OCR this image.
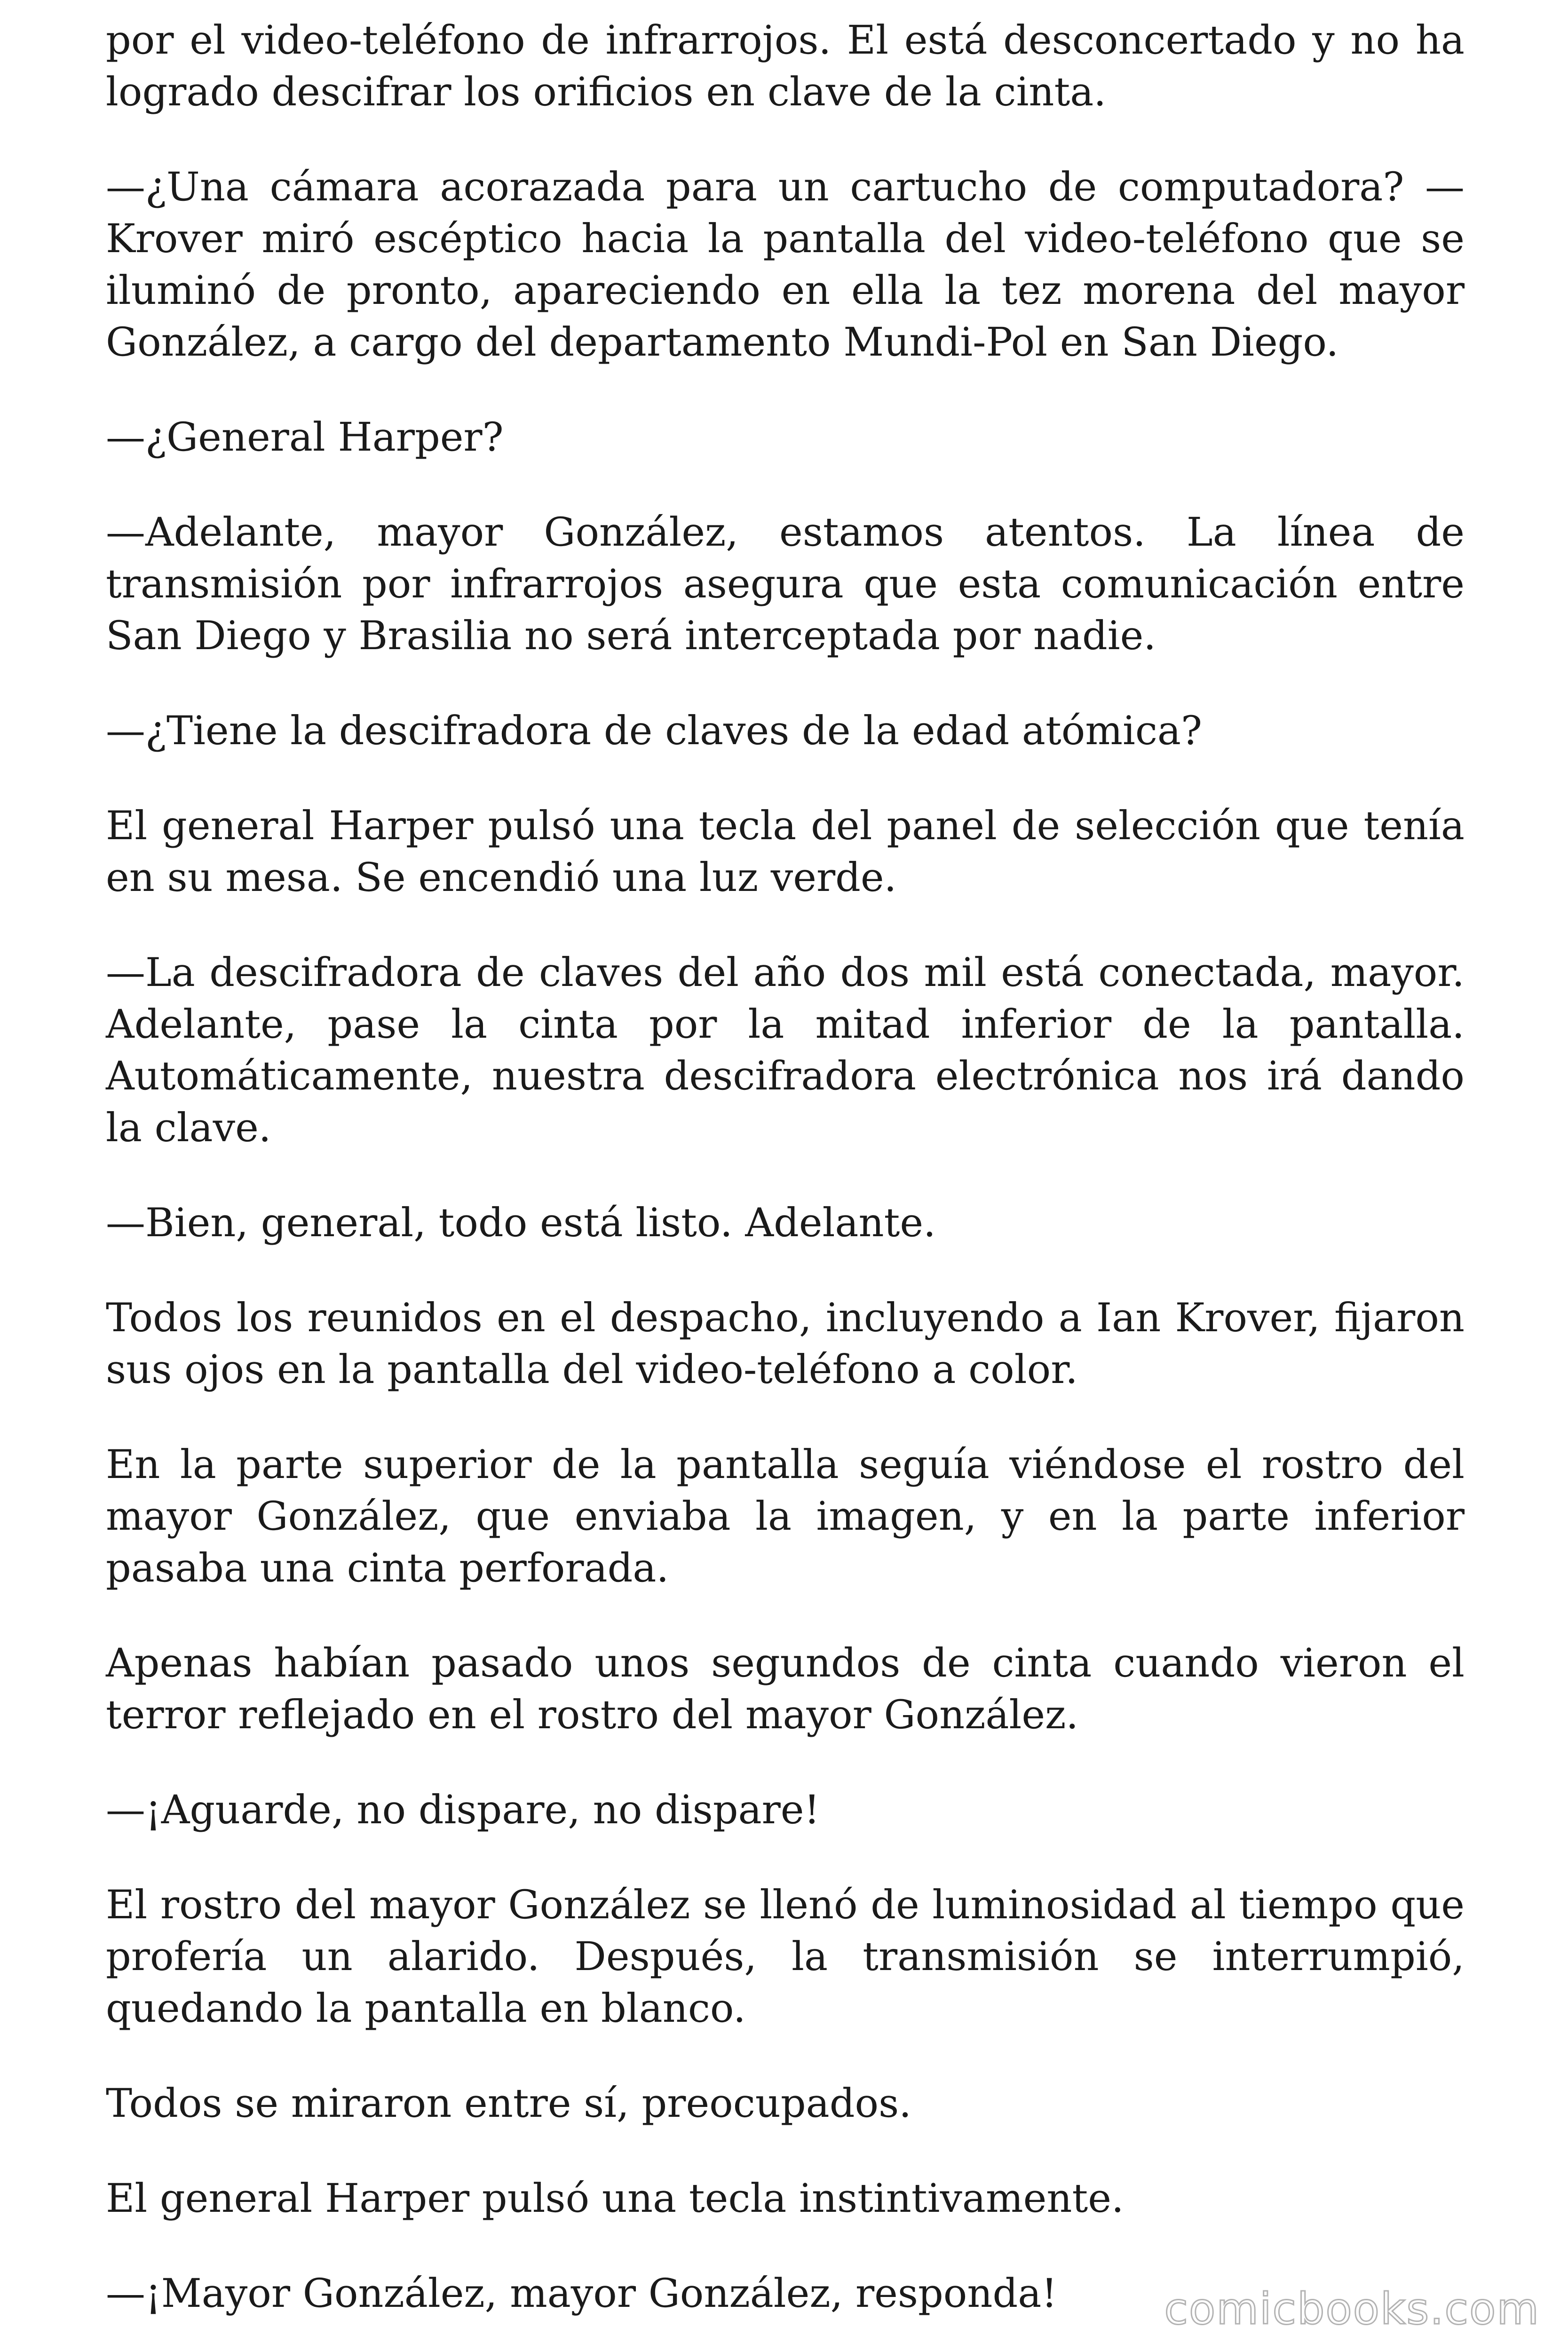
por el video-teléfono de infrarrojos. El está desconcertado y no ha logrado descifrar los orificios en clave de la cinta.

—¿Una cámara acorazada para un cartucho de computadora? —Krover miró escéptico hacia la pantalla del video-teléfono que se iluminó de pronto, apareciendo en ella la tez morena del mayor González, a cargo del departamento Mundi-Pol en San Diego.

—¿General Harper?

—Adelante, mayor González, estamos atentos. La línea de transmisión por infrarrojos asegura que esta comunicación entre San Diego y Brasilia no será interceptada por nadie.

—¿Tiene la descifradora de claves de la edad atómica?

El general Harper pulsó una tecla del panel de selección que tenía en su mesa. Se encendió una luz verde.

—La descifradora de claves del año dos mil está conectada, mayor. Adelante, pase la cinta por la mitad inferior de la pantalla. Automáticamente, nuestra descifradora electrónica nos irá dando la clave.

—Bien, general, todo está listo. Adelante.

Todos los reunidos en el despacho, incluyendo a Ian Krover, fijaron sus ojos en la pantalla del video-teléfono a color.

En la parte superior de la pantalla seguía viéndose el rostro del mayor González, que enviaba la imagen, y en la parte inferior pasaba una cinta perforada.

Apenas habían pasado unos segundos de cinta cuando vieron el terror reflejado en el rostro del mayor González.

—¡Aguarde, no dispare, no dispare!

El rostro del mayor González se llenó de luminosidad al tiempo que profería un alarido. Después, la transmisión se interrumpió, quedando la pantalla en blanco.

Todos se miraron entre sí, preocupados.

El general Harper pulsó una tecla instintivamente.

—¡Mayor González, mayor González, responda!	comicbooks.com
